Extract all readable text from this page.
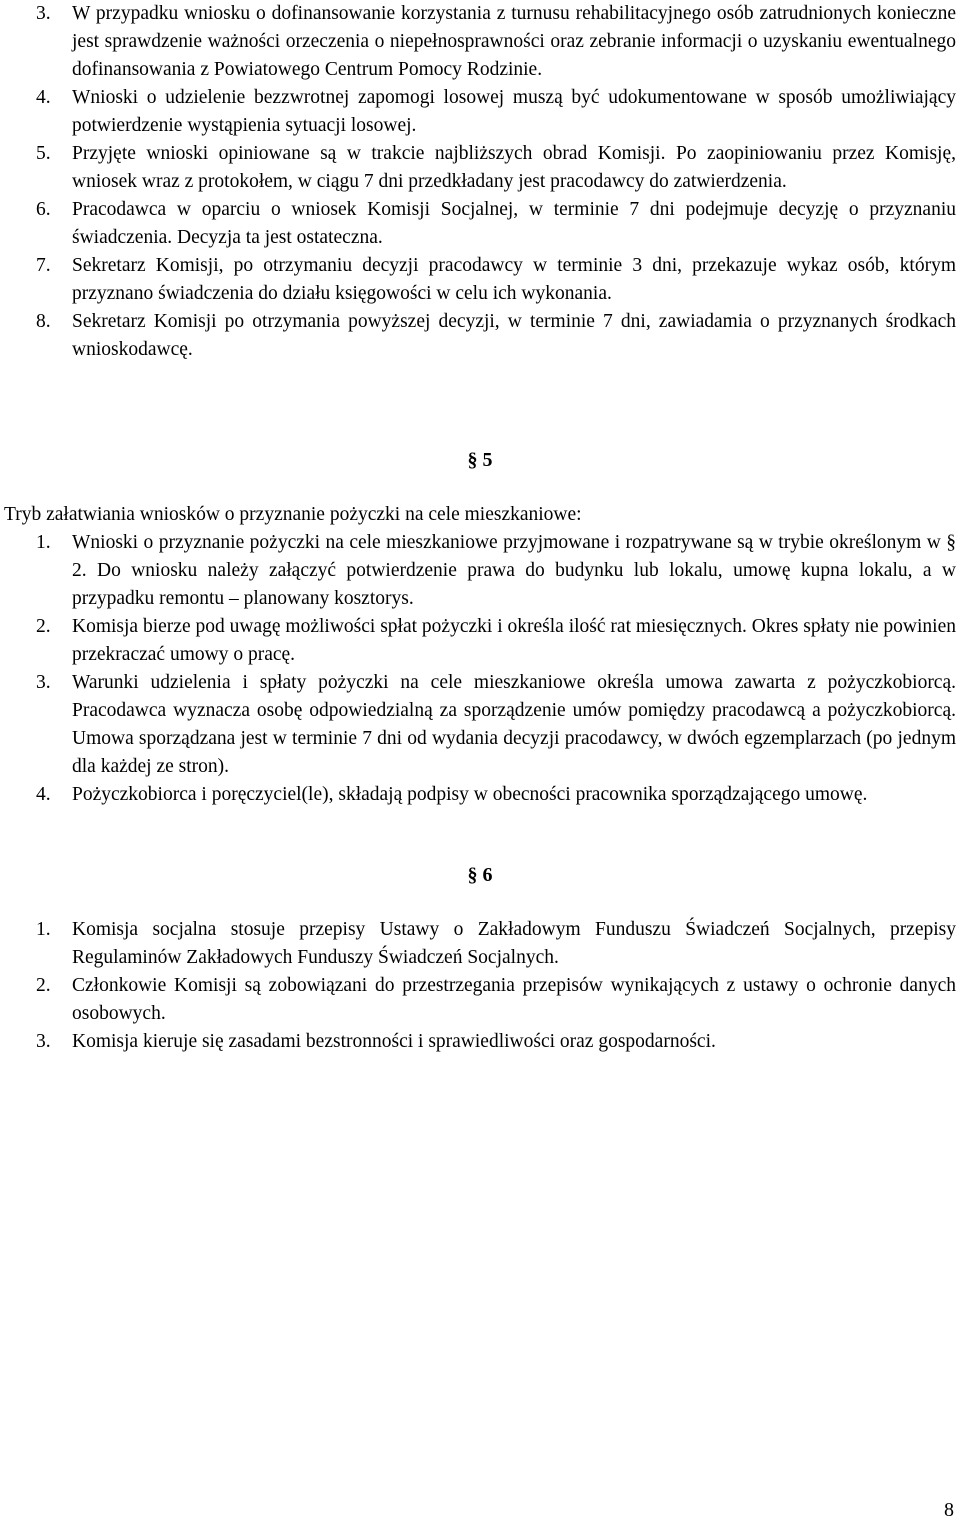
3. W przypadku wniosku o dofinansowanie korzystania z turnusu rehabilitacyjnego osób zatrudnionych konieczne jest sprawdzenie ważności orzeczenia o niepełnosprawności oraz zebranie informacji o uzyskaniu ewentualnego dofinansowania z Powiatowego Centrum Pomocy Rodzinie.
4. Wnioski o udzielenie bezzwrotnej zapomogi losowej muszą być udokumentowane w sposób umożliwiający potwierdzenie wystąpienia sytuacji losowej.
5. Przyjęte wnioski opiniowane są w trakcie najbliższych obrad Komisji. Po zaopiniowaniu przez Komisję, wniosek wraz z protokołem, w ciągu 7 dni przedkładany jest pracodawcy do zatwierdzenia.
6. Pracodawca w oparciu o wniosek Komisji Socjalnej, w terminie 7 dni podejmuje decyzję o przyznaniu świadczenia. Decyzja ta jest ostateczna.
7. Sekretarz Komisji, po otrzymaniu decyzji pracodawcy w terminie 3 dni, przekazuje wykaz osób, którym przyznano świadczenia do działu księgowości w celu ich wykonania.
8. Sekretarz Komisji po otrzymania powyższej decyzji, w terminie 7 dni, zawiadamia o przyznanych środkach wnioskodawcę.
§ 5
Tryb załatwiania wniosków o przyznanie pożyczki na cele mieszkaniowe:
1. Wnioski o przyznanie pożyczki na cele mieszkaniowe przyjmowane i rozpatrywane są w trybie określonym w § 2. Do wniosku należy załączyć potwierdzenie prawa do budynku lub lokalu, umowę kupna lokalu, a w przypadku remontu – planowany kosztorys.
2. Komisja bierze pod uwagę możliwości spłat pożyczki i określa ilość rat miesięcznych. Okres spłaty nie powinien przekraczać umowy o pracę.
3. Warunki udzielenia i spłaty pożyczki na cele mieszkaniowe określa umowa zawarta z pożyczkobiorcą. Pracodawca wyznacza osobę odpowiedzialną za sporządzenie umów pomiędzy pracodawcą a pożyczkobiorcą. Umowa sporządzana jest w terminie 7 dni od wydania decyzji pracodawcy, w dwóch egzemplarzach (po jednym dla każdej ze stron).
4. Pożyczkobiorca i poręczyciel(le), składają podpisy w obecności pracownika sporządzającego umowę.
§ 6
1. Komisja socjalna stosuje przepisy Ustawy o Zakładowym Funduszu Świadczeń Socjalnych, przepisy Regulaminów Zakładowych Funduszy Świadczeń Socjalnych.
2. Członkowie Komisji są zobowiązani do przestrzegania przepisów wynikających z ustawy o ochronie danych osobowych.
3. Komisja kieruje się zasadami bezstronności i sprawiedliwości oraz gospodarności.
8
